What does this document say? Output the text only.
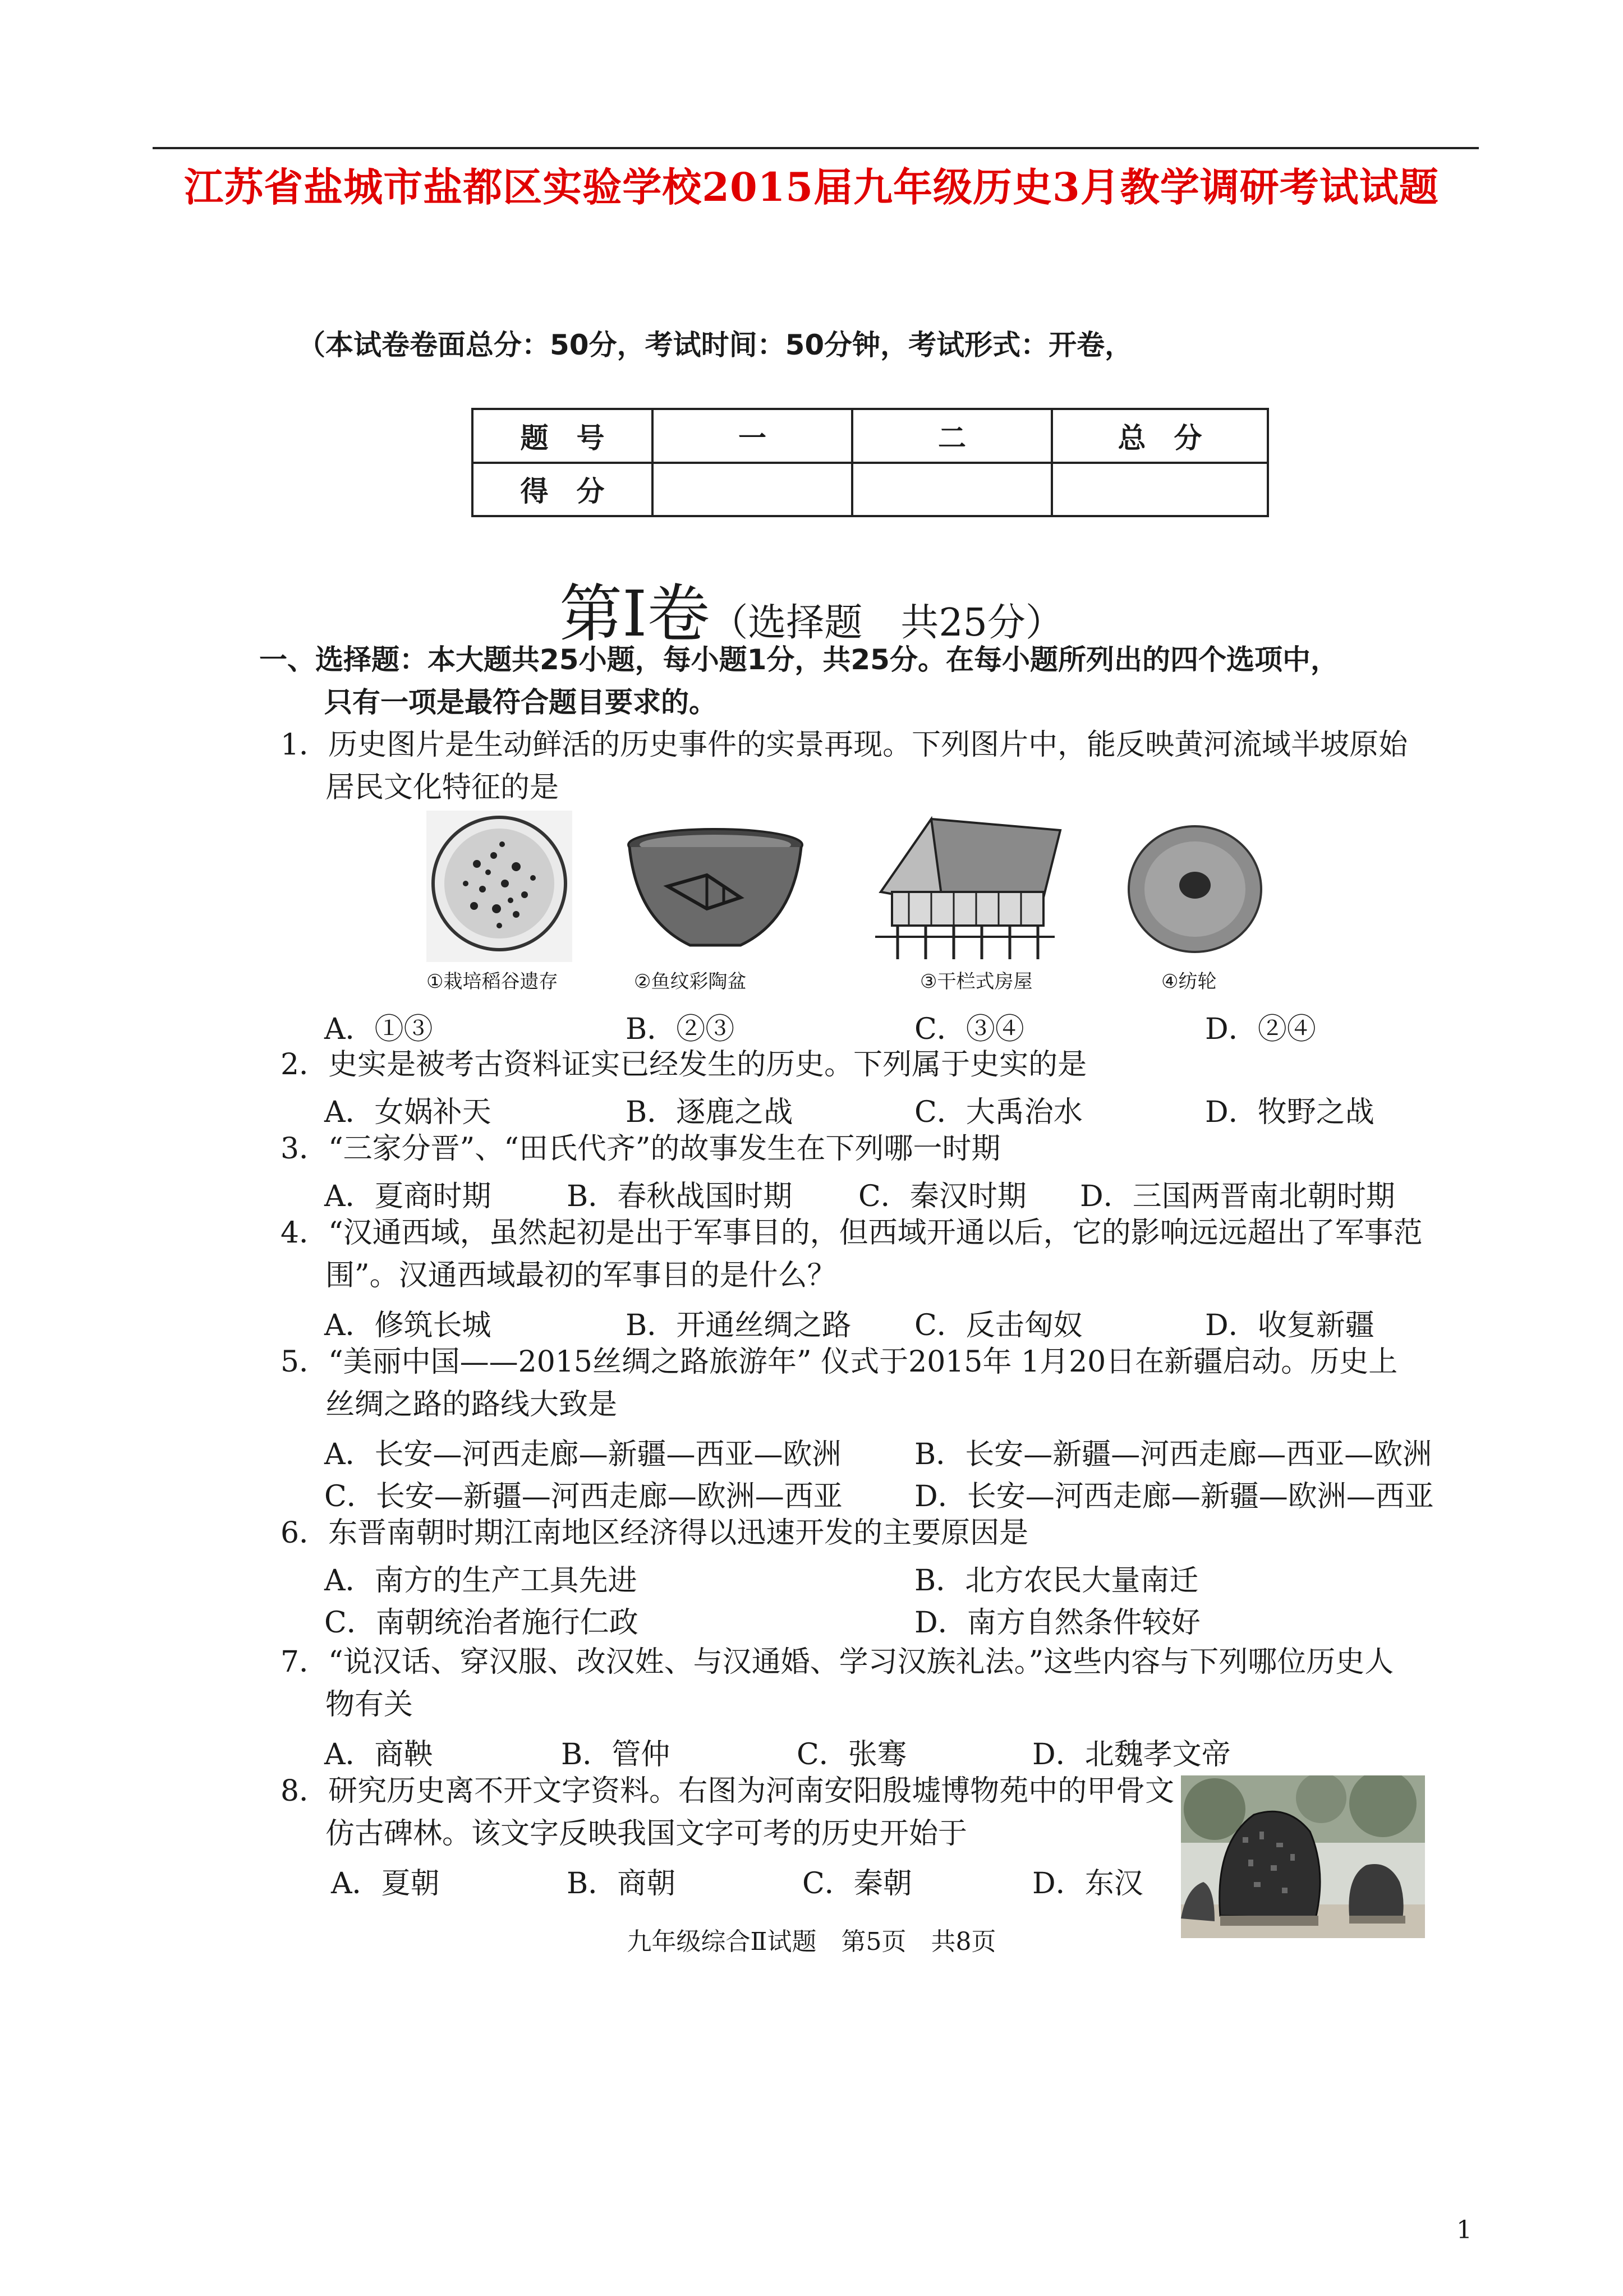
江苏省盐城市盐都区实验学校2015届九年级历史3月教学调研考试试题
（本试卷卷面总分：50分，考试时间：50分钟，考试形式：开卷，
题　号	一	二	总　分
得　分			
第Ⅰ卷（选择题　共25分）
一、选择题：本大题共25小题，每小题1分，共25分。在每小题所列出的四个选项中，
只有一项是最符合题目要求的。
1．历史图片是生动鲜活的历史事件的实景再现。下列图片中，能反映黄河流域半坡原始
居民文化特征的是
①栽培稻谷遗存	②鱼纹彩陶盆	③干栏式房屋	④纺轮
A．①③	B．②③	C．③④	D．②④
2．史实是被考古资料证实已经发生的历史。下列属于史实的是
A．女娲补天	B．逐鹿之战	C．大禹治水	D．牧野之战
3．“三家分晋”、“田氏代齐”的故事发生在下列哪一时期
A．夏商时期	B．春秋战国时期 C．秦汉时期 D．三国两晋南北朝时期
4．“汉通西域，虽然起初是出于军事目的，但西域开通以后，它的影响远远超出了军事范
围”。汉通西域最初的军事目的是什么？
A．修筑长城	B．开通丝绸之路 C．反击匈奴	D．收复新疆
5．“美丽中国——2015丝绸之路旅游年” 仪式于2015年 1月20日在新疆启动。历史上
丝绸之路的路线大致是
A．长安—河西走廊—新疆—西亚—欧洲	B．长安—新疆—河西走廊—西亚—欧洲
C．长安—新疆—河西走廊—欧洲—西亚 D．长安—河西走廊—新疆—欧洲—西亚
6．东晋南朝时期江南地区经济得以迅速开发的主要原因是
A．南方的生产工具先进	B．北方农民大量南迁
C．南朝统治者施行仁政	D．南方自然条件较好
7．“说汉话、穿汉服、改汉姓、与汉通婚、学习汉族礼法。”这些内容与下列哪位历史人
物有关
A．商鞅	B．管仲	C．张骞	D．北魏孝文帝
8．研究历史离不开文字资料。右图为河南安阳殷墟博物苑中的甲骨文
仿古碑林。该文字反映我国文字可考的历史开始于
A．夏朝	B．商朝	C．秦朝	D．东汉
九年级综合Ⅱ试题　第5页　共8页
1
